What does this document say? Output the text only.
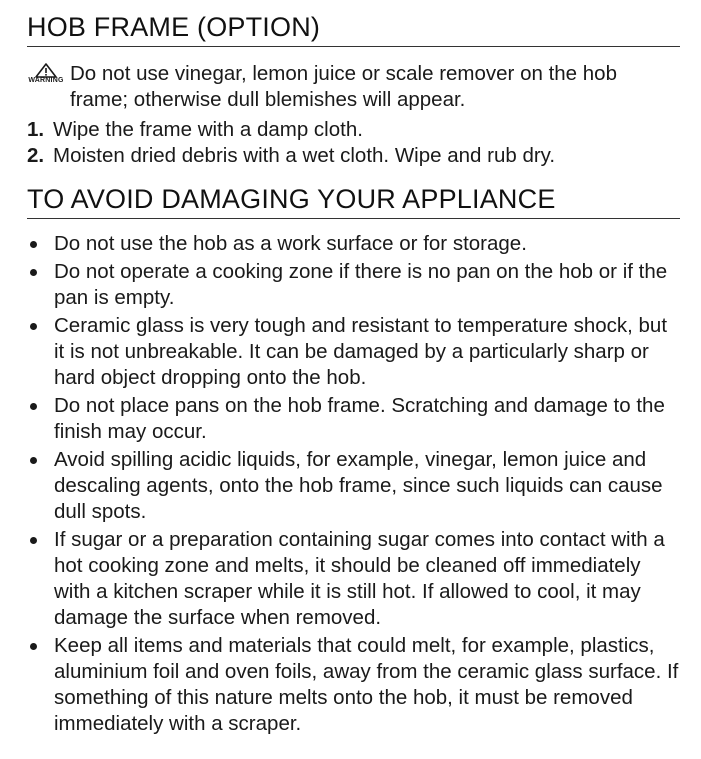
HOB FRAME (OPTION)
WARNING Do not use vinegar, lemon juice or scale remover on the hob frame; otherwise dull blemishes will appear.
1. Wipe the frame with a damp cloth.
2. Moisten dried debris with a wet cloth. Wipe and rub dry.
TO AVOID DAMAGING YOUR APPLIANCE
Do not use the hob as a work surface or for storage.
Do not operate a cooking zone if there is no pan on the hob or if the pan is empty.
Ceramic glass is very tough and resistant to temperature shock, but it is not unbreakable. It can be damaged by a particularly sharp or hard object dropping onto the hob.
Do not place pans on the hob frame. Scratching and damage to the finish may occur.
Avoid spilling acidic liquids, for example, vinegar, lemon juice and descaling agents, onto the hob frame, since such liquids can cause dull spots.
If sugar or a preparation containing sugar comes into contact with a hot cooking zone and melts, it should be cleaned off immediately with a kitchen scraper while it is still hot. If allowed to cool, it may damage the surface when removed.
Keep all items and materials that could melt, for example, plastics, aluminium foil and oven foils, away from the ceramic glass surface. If something of this nature melts onto the hob, it must be removed immediately with a scraper.
